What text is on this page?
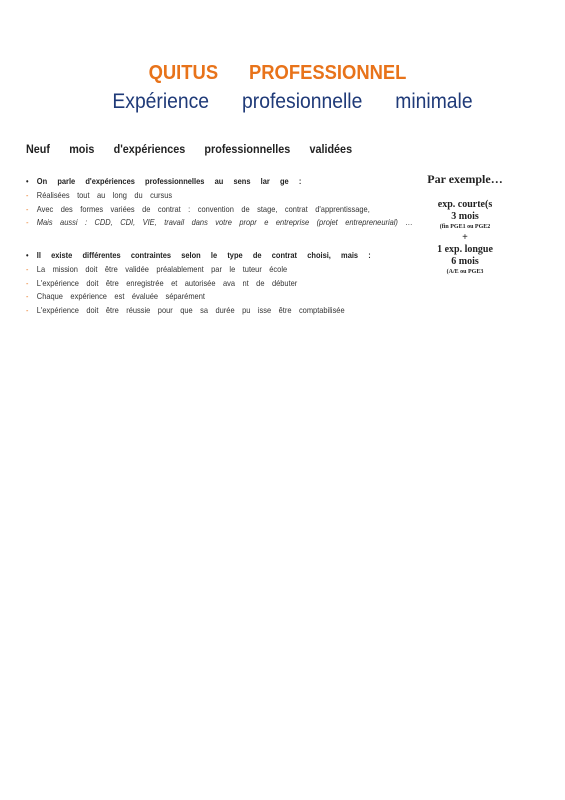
QUITUS PROFESSIONNEL
Expérience profesionnelle minimale
Neuf mois d'expériences professionnelles validées
• On parle d'expériences professionnelles au sens lar ge :
- Réalisées tout au long du cursus
- Avec des formes variées de contrat : convention de stage, contrat d'apprentissage,
- Mais aussi : CDD, CDI, VIE, travail dans votre propr e entreprise (projet entrepreneurial) …
• Il existe différentes contraintes selon le type de contrat choisi, mais :
- La mission doit être validée préalablement par le tuteur école
- L'expérience doit être enregistrée et autorisée ava nt de débuter
- Chaque expérience est évaluée séparément
- L'expérience doit être réussie pour que sa durée pu isse être comptabilisée
Par exemple…
exp. courte(s
3 mois
(fin PGE1 ou PGE2
+
1 exp. longue
6 mois
(A/E ou PGE3
